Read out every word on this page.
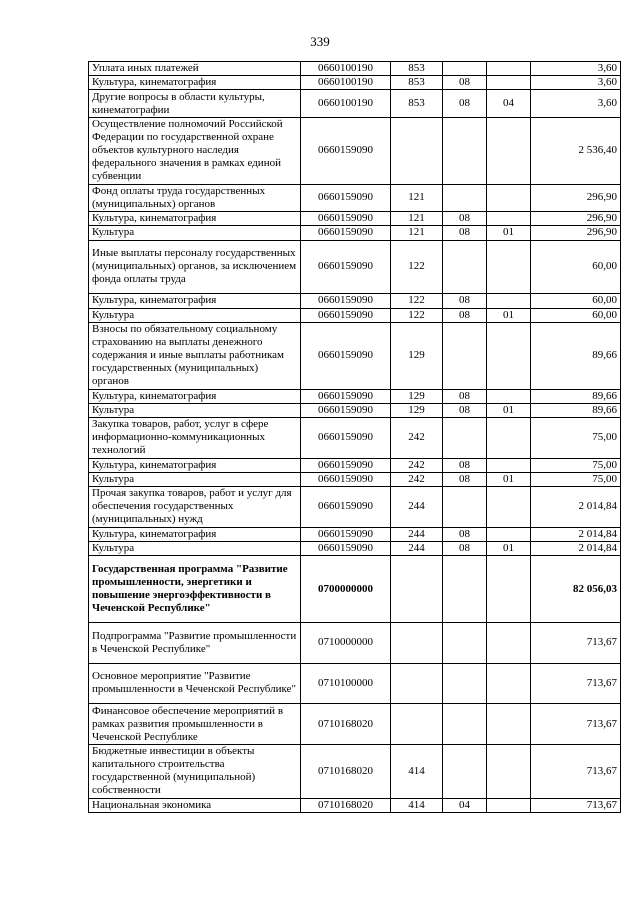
339
Уплата иных платежей	0660100190	853			3,60
Культура, кинематография	0660100190	853	08		3,60
Другие вопросы в области культуры, кинематографии	0660100190	853	08	04	3,60
Осуществление полномочий Российской Федерации по государственной охране объектов культурного наследия федерального значения в рамках единой субвенции	0660159090				2 536,40
Фонд оплаты труда государственных (муниципальных) органов	0660159090	121			296,90
Культура, кинематография	0660159090	121	08		296,90
Культура	0660159090	121	08	01	296,90
Иные выплаты персоналу государственных (муниципальных) органов, за исключением фонда оплаты труда	0660159090	122			60,00
Культура, кинематография	0660159090	122	08		60,00
Культура	0660159090	122	08	01	60,00
Взносы по обязательному социальному страхованию на выплаты денежного содержания и иные выплаты работникам государственных (муниципальных) органов	0660159090	129			89,66
Культура, кинематография	0660159090	129	08		89,66
Культура	0660159090	129	08	01	89,66
Закупка товаров, работ, услуг в сфере информационно-коммуникационных технологий	0660159090	242			75,00
Культура, кинематография	0660159090	242	08		75,00
Культура	0660159090	242	08	01	75,00
Прочая закупка товаров, работ и услуг для обеспечения государственных (муниципальных) нужд	0660159090	244			2 014,84
Культура, кинематография	0660159090	244	08		2 014,84
Культура	0660159090	244	08	01	2 014,84
Государственная программа "Развитие промышленности, энергетики и повышение энергоэффективности в Чеченской Республике"	0700000000				82 056,03
Подпрограмма "Развитие промышленности в Чеченской Республике"	0710000000				713,67
Основное мероприятие "Развитие промышленности в Чеченской Республике"	0710100000				713,67
Финансовое обеспечение мероприятий в рамках развития промышленности в Чеченской Республике	0710168020				713,67
Бюджетные инвестиции в объекты капитального строительства государственной (муниципальной) собственности	0710168020	414			713,67
Национальная экономика	0710168020	414	04		713,67
